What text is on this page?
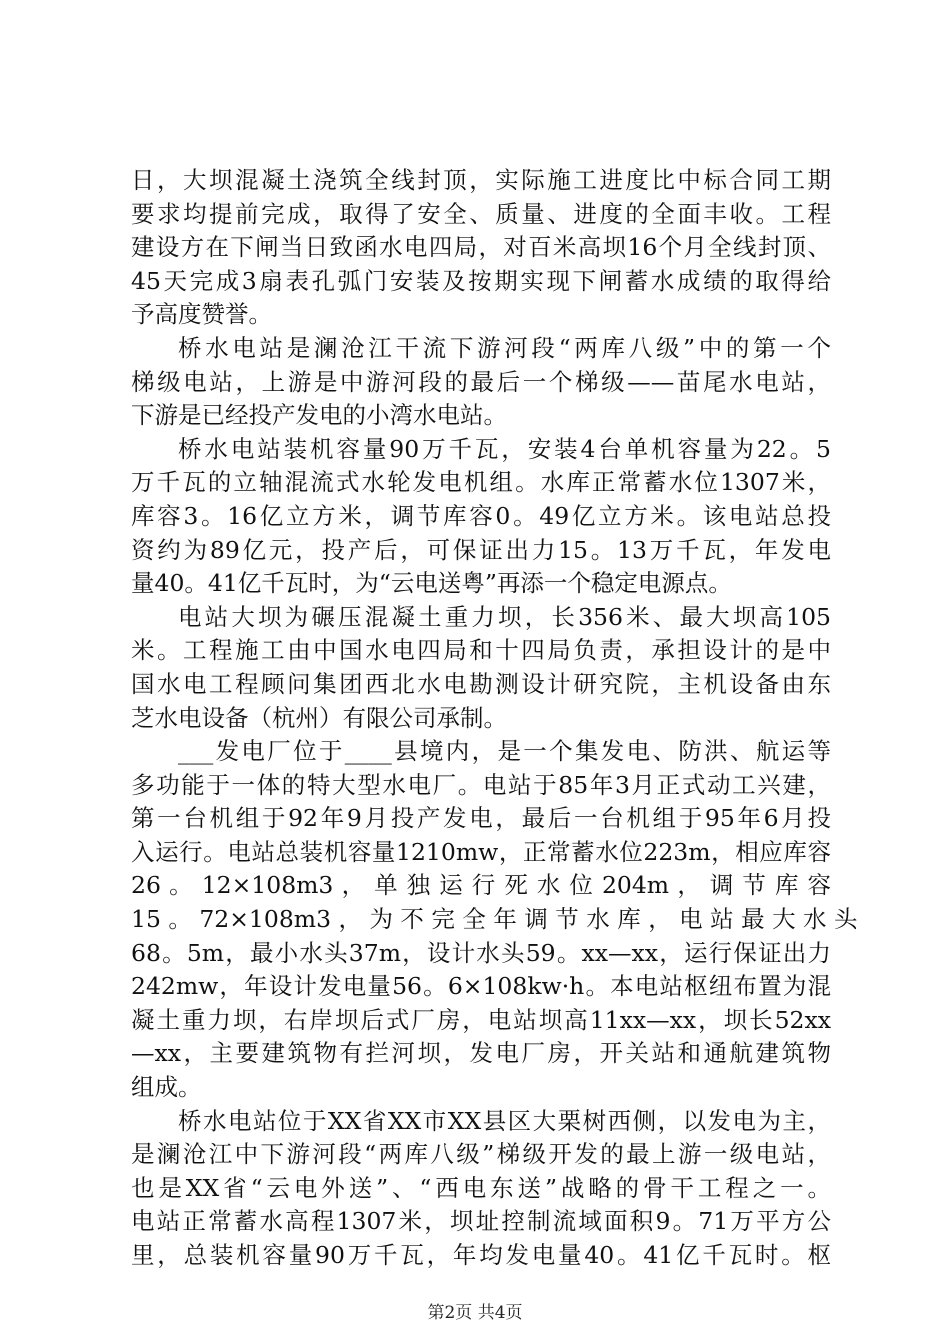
日，大坝混凝土浇筑全线封顶，实际施工进度比中标合同工期
要求均提前完成，取得了安全、质量、进度的全面丰收。工程
建设方在下闸当日致函水电四局，对百米高坝16个月全线封顶、
45天完成3扇表孔弧门安装及按期实现下闸蓄水成绩的取得给
予高度赞誉。
桥水电站是澜沧江干流下游河段“两库八级”中的第一个
梯级电站，上游是中游河段的最后一个梯级——苗尾水电站，
下游是已经投产发电的小湾水电站。
桥水电站装机容量90万千瓦，安装4台单机容量为22。5
万千瓦的立轴混流式水轮发电机组。水库正常蓄水位1307米，
库容3。16亿立方米，调节库容0。49亿立方米。该电站总投
资约为89亿元，投产后，可保证出力15。13万千瓦，年发电
量40。41亿千瓦时，为“云电送粤”再添一个稳定电源点。
电站大坝为碾压混凝土重力坝，长356米、最大坝高105
米。工程施工由中国水电四局和十四局负责，承担设计的是中
国水电工程顾问集团西北水电勘测设计研究院，主机设备由东
芝水电设备（杭州）有限公司承制。
___发电厂位于____县境内，是一个集发电、防洪、航运等
多功能于一体的特大型水电厂。电站于85年3月正式动工兴建，
第一台机组于92年9月投产发电，最后一台机组于95年6月投
入运行。电站总装机容量1210mw，正常蓄水位223m，相应库容
26 。 12×108m3 ， 单 独 运 行 死 水 位 204m ， 调 节 库 容
15 。 72×108m3 ， 为 不 完 全 年 调 节 水 库 ， 电 站 最 大 水 头
68。5m，最小水头37m，设计水头59。xx—xx，运行保证出力
242mw，年设计发电量56。6×108kw·h。本电站枢纽布置为混
凝土重力坝，右岸坝后式厂房，电站坝高11xx—xx，坝长52xx
—xx，主要建筑物有拦河坝，发电厂房，开关站和通航建筑物
组成。
桥水电站位于XX省XX市XX县区大栗树西侧，以发电为主，
是澜沧江中下游河段“两库八级”梯级开发的最上游一级电站，
也是XX省“云电外送”、“西电东送”战略的骨干工程之一。
电站正常蓄水高程1307米，坝址控制流域面积9。71万平方公
里，总装机容量90万千瓦，年均发电量40。41亿千瓦时。枢
第2页 共4页
